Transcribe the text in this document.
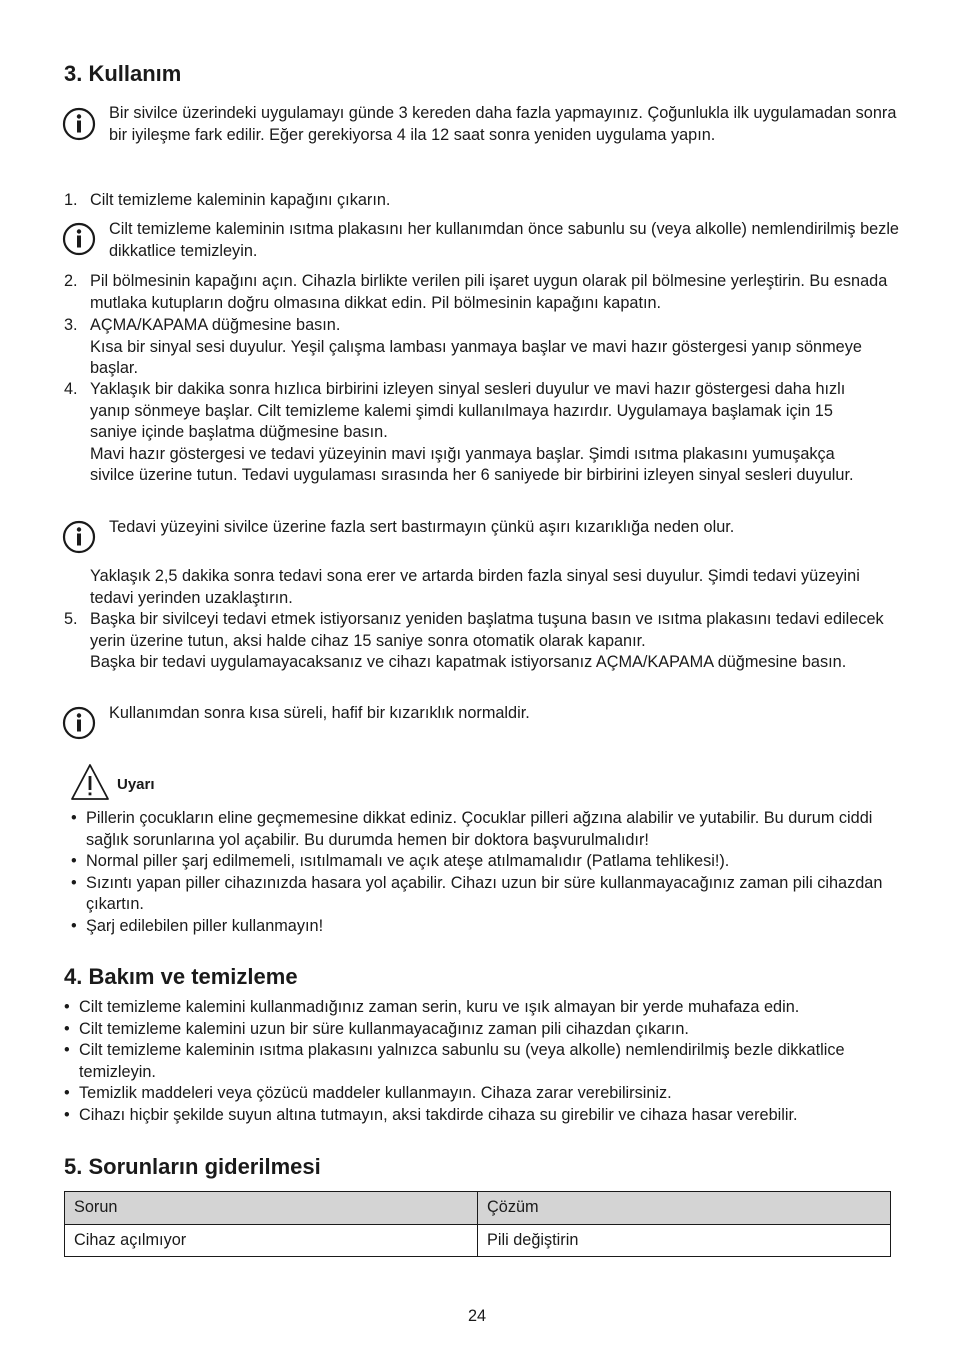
3. Kullanım
Bir sivilce üzerindeki uygulamayı günde 3 kereden daha fazla yapmayınız. Çoğunlukla ilk uygulamadan sonra bir iyileşme fark edilir. Eğer gerekiyorsa 4 ila 12 saat sonra yeniden uygulama yapın.
1. Cilt temizleme kaleminin kapağını çıkarın.
Cilt temizleme kaleminin ısıtma plakasını her kullanımdan önce sabunlu su (veya alkolle) nemlendirilmiş bezle dikkatlice temizleyin.
2. Pil bölmesinin kapağını açın. Cihazla birlikte verilen pili işaret uygun olarak pil bölmesine yerleştirin. Bu esnada mutlaka kutupların doğru olmasına dikkat edin. Pil bölmesinin kapağını kapatın.
3. AÇMA/KAPAMA düğmesine basın.
Kısa bir sinyal sesi duyulur. Yeşil çalışma lambası yanmaya başlar ve mavi hazır göstergesi yanıp sönmeye başlar.
4. Yaklaşık bir dakika sonra hızlıca birbirini izleyen sinyal sesleri duyulur ve mavi hazır göstergesi daha hızlı yanıp sönmeye başlar. Cilt temizleme kalemi şimdi kullanılmaya hazırdır. Uygulamaya başlamak için 15 saniye içinde başlatma düğmesine basın.
Mavi hazır göstergesi ve tedavi yüzeyinin mavi ışığı yanmaya başlar. Şimdi ısıtma plakasını yumuşakça sivilce üzerine tutun. Tedavi uygulaması sırasında her 6 saniyede bir birbirini izleyen sinyal sesleri duyulur.
Tedavi yüzeyini sivilce üzerine fazla sert bastırmayın çünkü aşırı kızarıklığa neden olur.
Yaklaşık 2,5 dakika sonra tedavi sona erer ve artarda birden fazla sinyal sesi duyulur. Şimdi tedavi yüzeyini tedavi yerinden uzaklaştırın.
5. Başka bir sivilceyi tedavi etmek istiyorsanız yeniden başlatma tuşuna basın ve ısıtma plakasını tedavi edilecek yerin üzerine tutun, aksi halde cihaz 15 saniye sonra otomatik olarak kapanır.
Başka bir tedavi uygulamayacaksanız ve cihazı kapatmak istiyorsanız AÇMA/KAPAMA düğmesine basın.
Kullanımdan sonra kısa süreli, hafif bir kızarıklık normaldir.
Uyarı
• Pillerin çocukların eline geçmemesine dikkat ediniz. Çocuklar pilleri ağzına alabilir ve yutabilir. Bu durum ciddi sağlık sorunlarına yol açabilir. Bu durumda hemen bir doktora başvurulmalıdır!
• Normal piller şarj edilmemeli, ısıtılmamalı ve açık ateşe atılmamalıdır (Patlama tehlikesi!).
• Sızıntı yapan piller cihazınızda hasara yol açabilir. Cihazı uzun bir süre kullanmayacağınız zaman pili cihazdan çıkartın.
• Şarj edilebilen piller kullanmayın!
4. Bakım ve temizleme
• Cilt temizleme kalemini kullanmadığınız zaman serin, kuru ve ışık almayan bir yerde muhafaza edin.
• Cilt temizleme kalemini uzun bir süre kullanmayacağınız zaman pili cihazdan çıkarın.
• Cilt temizleme kaleminin ısıtma plakasını yalnızca sabunlu su (veya alkolle) nemlendirilmiş bezle dikkatlice temizleyin.
• Temizlik maddeleri veya çözücü maddeler kullanmayın. Cihaza zarar verebilirsiniz.
• Cihazı hiçbir şekilde suyun altına tutmayın, aksi takdirde cihaza su girebilir ve cihaza hasar verebilir.
5. Sorunların giderilmesi
Sorun	Çözüm
Cihaz açılmıyor	Pili değiştirin
24
